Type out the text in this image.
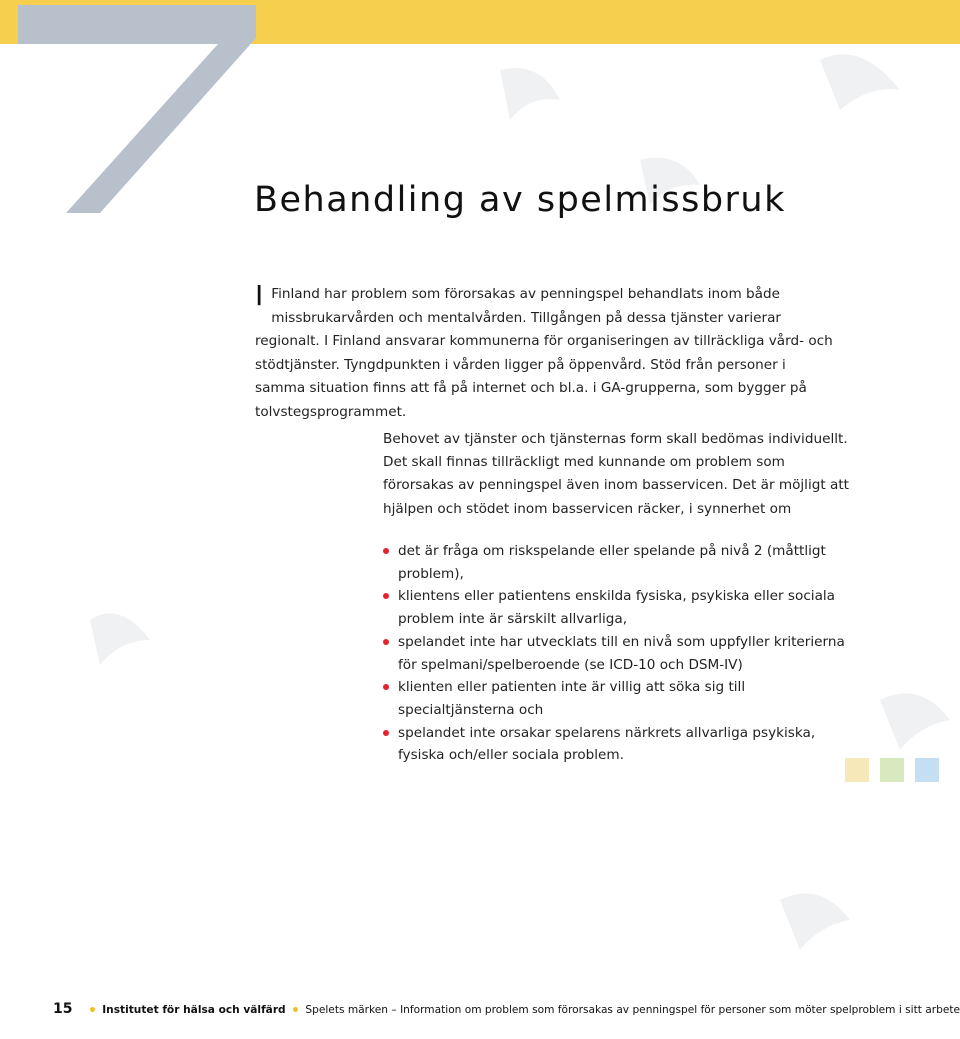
Behandling av spelmissbruk

I Finland har problem som förorsakas av penningspel behandlats inom både missbrukarvården och mentalvården. Tillgången på dessa tjänster varierar regionalt. I Finland ansvarar kommunerna för organiseringen av tillräckliga vård- och stödtjänster. Tyngdpunkten i vården ligger på öppenvård. Stöd från personer i samma situation finns att få på internet och bl.a. i GA-grupperna, som bygger på tolvstegsprogrammet.

Behovet av tjänster och tjänsternas form skall bedömas individuellt. Det skall finnas tillräckligt med kunnande om problem som förorsakas av penningspel även inom basservicen. Det är möjligt att hjälpen och stödet inom basservicen räcker, i synnerhet om

det är fråga om riskspelande eller spelande på nivå 2 (måttligt problem),
klientens eller patientens enskilda fysiska, psykiska eller sociala problem inte är särskilt allvarliga,
spelandet inte har utvecklats till en nivå som uppfyller kriterierna för spelmani/spelberoende (se ICD-10 och DSM-IV)
klienten eller patienten inte är villig att söka sig till specialtjänsterna och
spelandet inte orsakar spelarens närkrets allvarliga psykiska, fysiska och/eller sociala problem.
15	Institutet för hälsa och välfärd Spelets märken – Information om problem som förorsakas av penningspel för personer som möter spelproblem i sitt arbete
